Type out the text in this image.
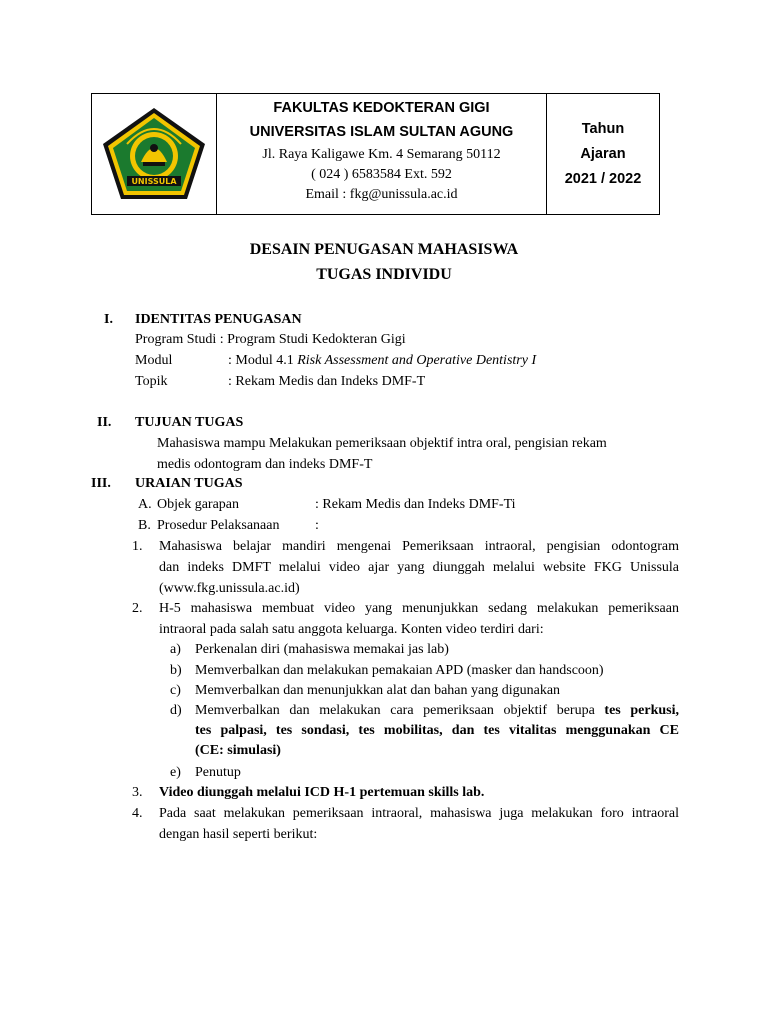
UNISSULA
FAKULTAS KEDOKTERAN GIGI
UNIVERSITAS ISLAM SULTAN AGUNG
Jl. Raya Kaligawe Km. 4 Semarang 50112
( 024 ) 6583584 Ext. 592
Email : fkg@unissula.ac.id
Tahun
Ajaran
2021 / 2022
DESAIN PENUGASAN MAHASISWA
TUGAS INDIVIDU
I. IDENTITAS PENUGASAN
Program Studi : Program Studi Kedokteran Gigi
Modul	: Modul 4.1 Risk Assessment and Operative Dentistry I
Topik	: Rekam Medis dan Indeks DMF-T
II. TUJUAN TUGAS
Mahasiswa mampu Melakukan pemeriksaan objektif intra oral, pengisian rekam
medis odontogram dan indeks DMF-T
III. URAIAN TUGAS
A. Objek garapan	: Rekam Medis dan Indeks DMF-Ti
B. Prosedur Pelaksanaan	:
1. Mahasiswa belajar mandiri mengenai Pemeriksaan intraoral, pengisian odontogram
dan indeks DMFT melalui video ajar yang diunggah melalui website FKG Unissula
(www.fkg.unissula.ac.id)
2. H-5 mahasiswa membuat video yang menunjukkan sedang melakukan pemeriksaan
intraoral pada salah satu anggota keluarga. Konten video terdiri dari:
a) Perkenalan diri (mahasiswa memakai jas lab)
b) Memverbalkan dan melakukan pemakaian APD (masker dan handscoon)
c) Memverbalkan dan menunjukkan alat dan bahan yang digunakan
d) Memverbalkan dan melakukan cara pemeriksaan objektif berupa tes perkusi,
tes palpasi, tes sondasi, tes mobilitas, dan tes vitalitas menggunakan CE
(CE: simulasi)
e) Penutup
3. Video diunggah melalui ICD H-1 pertemuan skills lab.
4. Pada saat melakukan pemeriksaan intraoral, mahasiswa juga melakukan foro intraoral
dengan hasil seperti berikut:
